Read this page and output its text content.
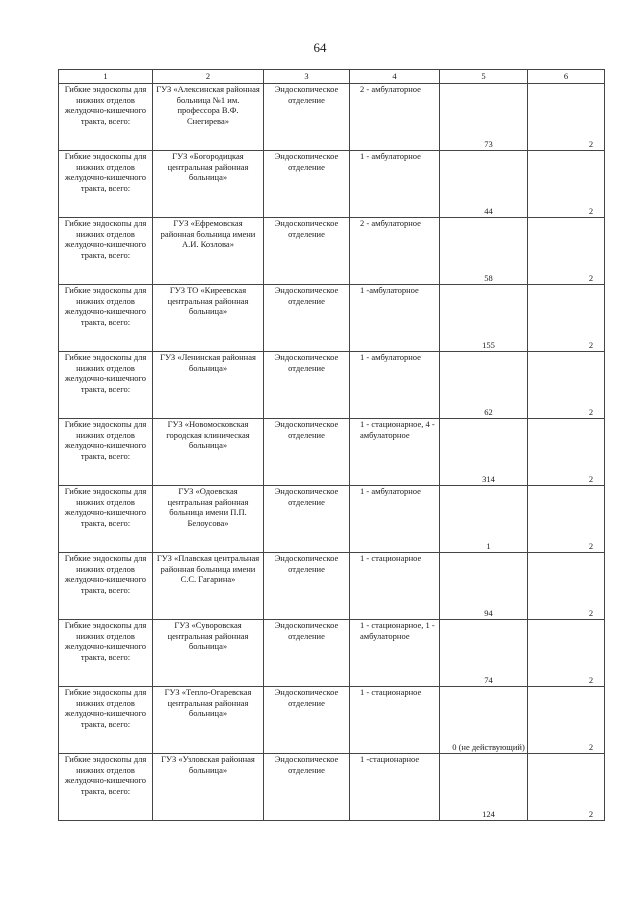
64
1	2	3	4	5	6

Гибкие эндоскопы для нижних отделов желудочно-кишечного тракта, всего:	ГУЗ «Алексинская районная больница №1 им. профессора В.Ф. Снегирева»	Эндоскопическое отделение	2 - амбулаторное	73	2

Гибкие эндоскопы для нижних отделов желудочно-кишечного тракта, всего:	ГУЗ «Богородицкая центральная районная больница»	Эндоскопическое отделение	1 - амбулаторное	44	2

Гибкие эндоскопы для нижних отделов желудочно-кишечного тракта, всего:	ГУЗ «Ефремовская районная больница имени А.И. Козлова»	Эндоскопическое отделение	2 - амбулаторное	58	2

Гибкие эндоскопы для нижних отделов желудочно-кишечного тракта, всего:	ГУЗ ТО «Киреевская центральная районная больница»	Эндоскопическое отделение	1 -амбулаторное	155	2

Гибкие эндоскопы для нижних отделов желудочно-кишечного тракта, всего:	ГУЗ «Ленинская районная больница»	Эндоскопическое отделение	1 - амбулаторное	62	2

Гибкие эндоскопы для нижних отделов желудочно-кишечного тракта, всего:	ГУЗ «Новомосковская городская клиническая больница»	Эндоскопическое отделение	1 - стационарное, 4 - амбулаторное	314	2

Гибкие эндоскопы для нижних отделов желудочно-кишечного тракта, всего:	ГУЗ «Одоевская центральная районная больница имени П.П. Белоусова»	Эндоскопическое отделение	1 - амбулаторное	1	2

Гибкие эндоскопы для нижних отделов желудочно-кишечного тракта, всего:	ГУЗ «Плавская центральная районная больница имени С.С. Гагарина»	Эндоскопическое отделение	1 - стационарное	94	2

Гибкие эндоскопы для нижних отделов желудочно-кишечного тракта, всего:	ГУЗ «Суворовская центральная районная больница»	Эндоскопическое отделение	1 - стационарное, 1 - амбулаторное	74	2

Гибкие эндоскопы для нижних отделов желудочно-кишечного тракта, всего:	ГУЗ «Тепло-Огаревская центральная районная больница»	Эндоскопическое отделение	1 - стационарное	0 (не действующий)	2

Гибкие эндоскопы для нижних отделов желудочно-кишечного тракта, всего:	ГУЗ «Узловская районная больница»	Эндоскопическое отделение	1 -стационарное	124	2
